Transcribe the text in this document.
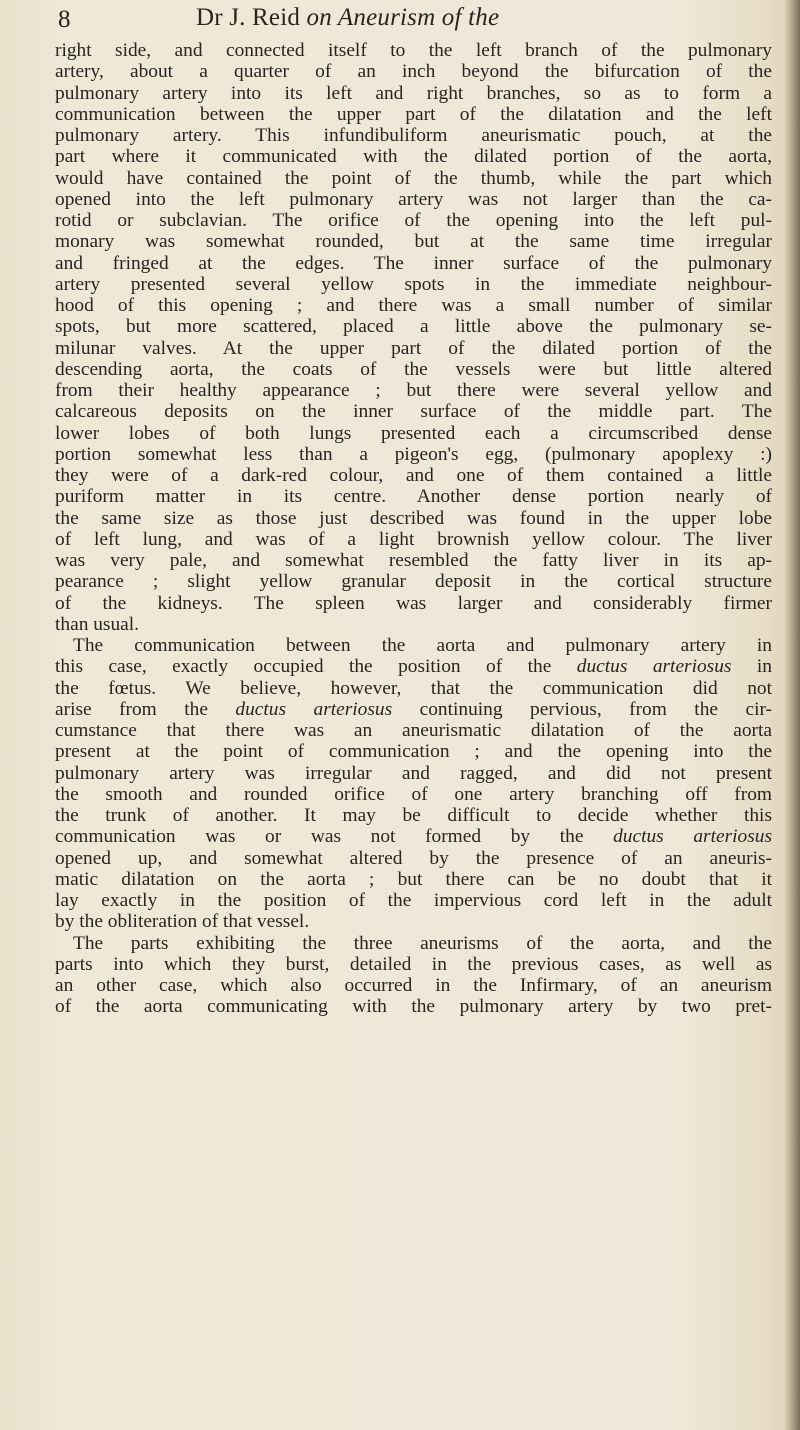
8	Dr J. Reid on Aneurism of the
right side, and connected itself to the left branch of the pulmonary
artery, about a quarter of an inch beyond the bifurcation of the
pulmonary artery into its left and right branches, so as to form a
communication between the upper part of the dilatation and the left
pulmonary artery. This infundibuliform aneurismatic pouch, at the
part where it communicated with the dilated portion of the aorta,
would have contained the point of the thumb, while the part which
opened into the left pulmonary artery was not larger than the ca-
rotid or subclavian. The orifice of the opening into the left pul-
monary was somewhat rounded, but at the same time irregular
and fringed at the edges. The inner surface of the pulmonary
artery presented several yellow spots in the immediate neighbour-
hood of this opening ; and there was a small number of similar
spots, but more scattered, placed a little above the pulmonary se-
milunar valves. At the upper part of the dilated portion of the
descending aorta, the coats of the vessels were but little altered
from their healthy appearance ; but there were several yellow and
calcareous deposits on the inner surface of the middle part. The
lower lobes of both lungs presented each a circumscribed dense
portion somewhat less than a pigeon's egg, (pulmonary apoplexy :)
they were of a dark-red colour, and one of them contained a little
puriform matter in its centre. Another dense portion nearly of
the same size as those just described was found in the upper lobe
of left lung, and was of a light brownish yellow colour. The liver
was very pale, and somewhat resembled the fatty liver in its ap-
pearance ; slight yellow granular deposit in the cortical structure
of the kidneys. The spleen was larger and considerably firmer
than usual.
The communication between the aorta and pulmonary artery in
this case, exactly occupied the position of the ductus arteriosus in
the fœtus. We believe, however, that the communication did not
arise from the ductus arteriosus continuing pervious, from the cir-
cumstance that there was an aneurismatic dilatation of the aorta
present at the point of communication ; and the opening into the
pulmonary artery was irregular and ragged, and did not present
the smooth and rounded orifice of one artery branching off from
the trunk of another. It may be difficult to decide whether this
communication was or was not formed by the ductus arteriosus
opened up, and somewhat altered by the presence of an aneuris-
matic dilatation on the aorta ; but there can be no doubt that it
lay exactly in the position of the impervious cord left in the adult
by the obliteration of that vessel.
The parts exhibiting the three aneurisms of the aorta, and the
parts into which they burst, detailed in the previous cases, as well as
an other case, which also occurred in the Infirmary, of an aneurism
of the aorta communicating with the pulmonary artery by two pret-
